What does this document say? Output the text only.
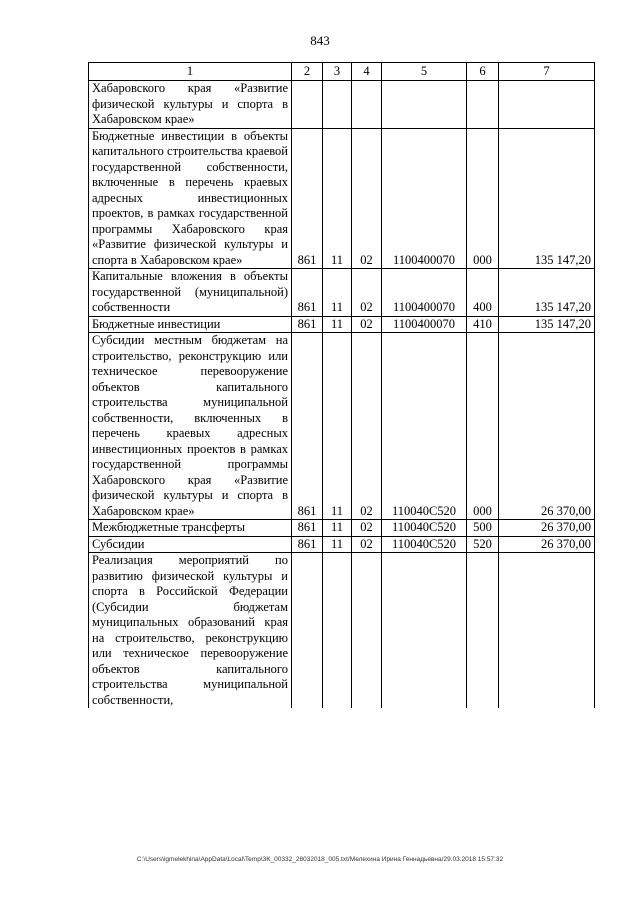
843
1	2	3	4	5	6	7
Хабаровского края «Развитие физической культуры и спорта в Хабаровском крае»						
Бюджетные инвестиции в объекты капитального строительства краевой государственной собственности, включенные в перечень краевых адресных инвестиционных проектов, в рамках государственной программы Хабаровского края «Развитие физической культуры и спорта в Хабаровском крае»	861	11	02	1100400070	000	135 147,20
Капитальные вложения в объекты государственной (муниципальной) собственности	861	11	02	1100400070	400	135 147,20
Бюджетные инвестиции	861	11	02	1100400070	410	135 147,20
Субсидии местным бюджетам на строительство, реконструкцию или техническое перевооружение объектов капитального строительства муниципальной собственности, включенных в перечень краевых адресных инвестиционных проектов в рамках государственной программы Хабаровского края «Развитие физической культуры и спорта в Хабаровском крае»	861	11	02	110040С520	000	26 370,00
Межбюджетные трансферты	861	11	02	110040С520	500	26 370,00
Субсидии	861	11	02	110040С520	520	26 370,00
Реализация мероприятий по развитию физической культуры и спорта в Российской Федерации (Субсидии бюджетам муниципальных образований края на строительство, реконструкцию или техническое перевооружение объектов капитального строительства муниципальной собственности,						
C:\Users\igmelekhina\AppData\Local\Temp\3K_00332_28032018_005.txt/Мелехина Ирина Геннадьевна/29.03.2018 15:57:32
